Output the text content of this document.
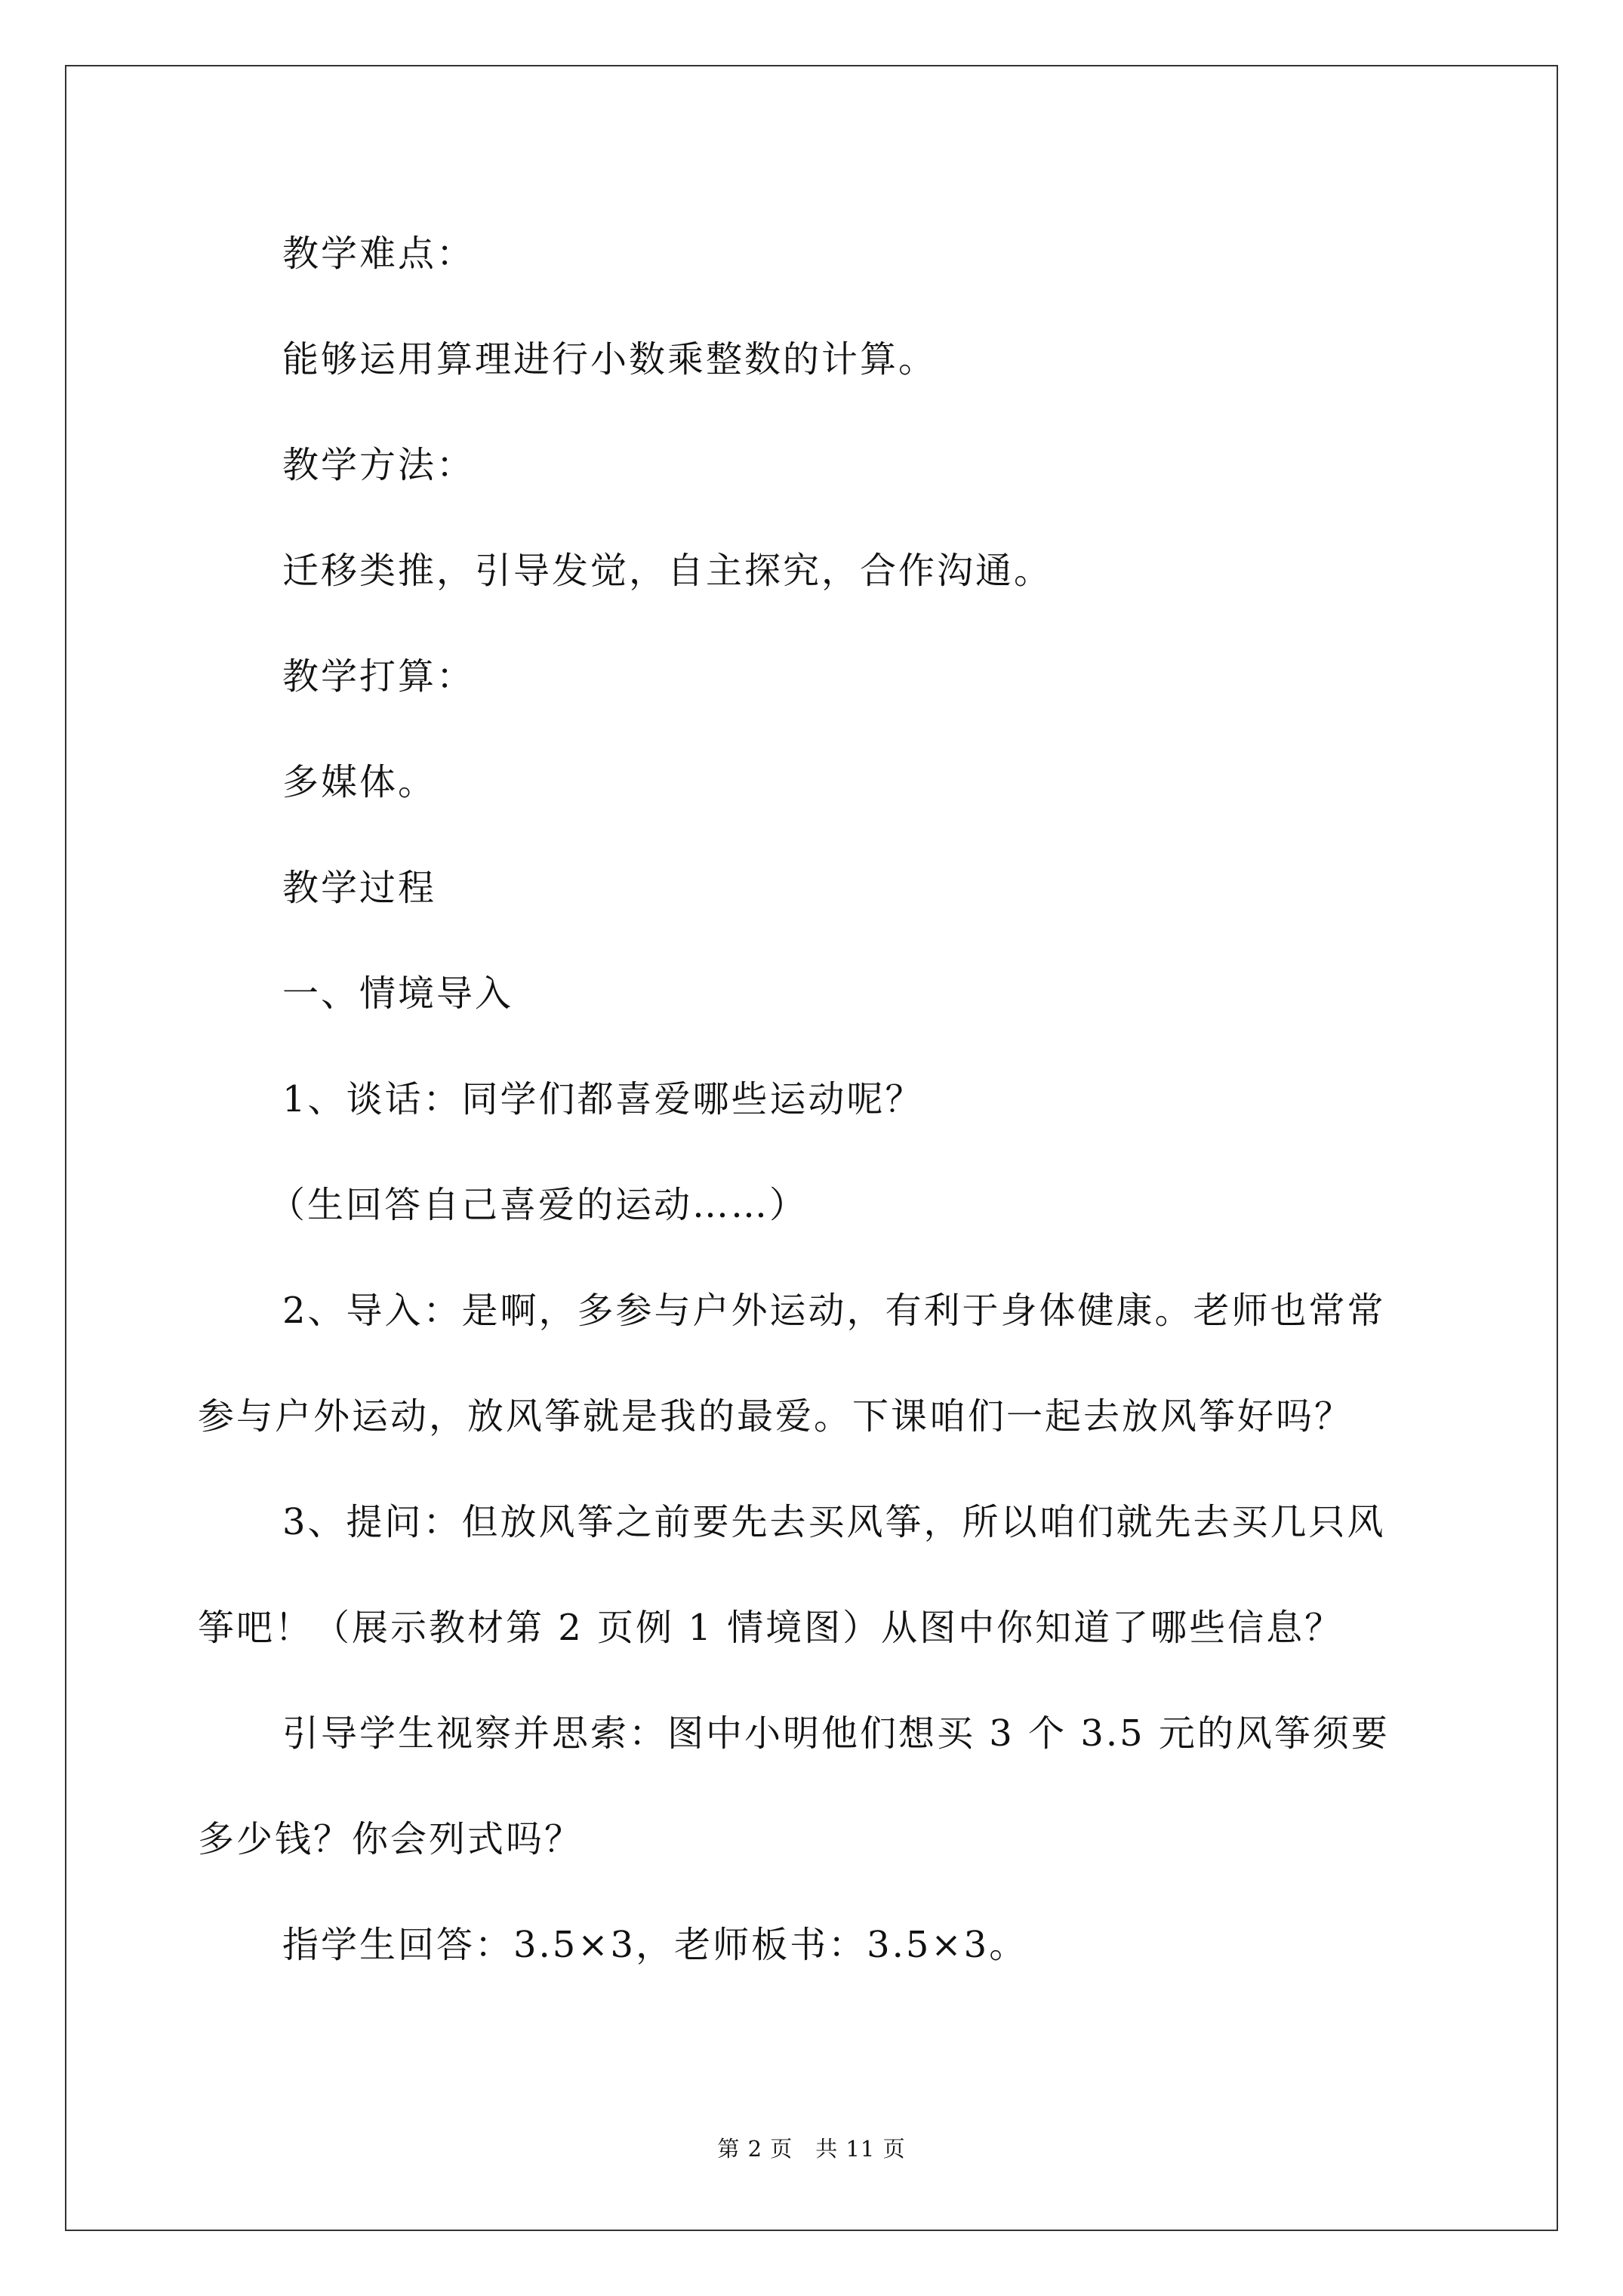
教学难点：
能够运用算理进行小数乘整数的计算。
教学方法：
迁移类推，引导发觉，自主探究，合作沟通。
教学打算：
多媒体。
教学过程
一、情境导入
1、谈话：同学们都喜爱哪些运动呢？
（生回答自己喜爱的运动……）
2、导入：是啊，多参与户外运动，有利于身体健康。老师也常常
参与户外运动，放风筝就是我的最爱。下课咱们一起去放风筝好吗？
3、提问：但放风筝之前要先去买风筝，所以咱们就先去买几只风
筝吧！（展示教材第 2 页例 1 情境图）从图中你知道了哪些信息？
引导学生视察并思索：图中小明他们想买 3 个 3.5 元的风筝须要
多少钱？你会列式吗？
指学生回答：3.5×3，老师板书：3.5×3。
第 2 页　共 11 页
